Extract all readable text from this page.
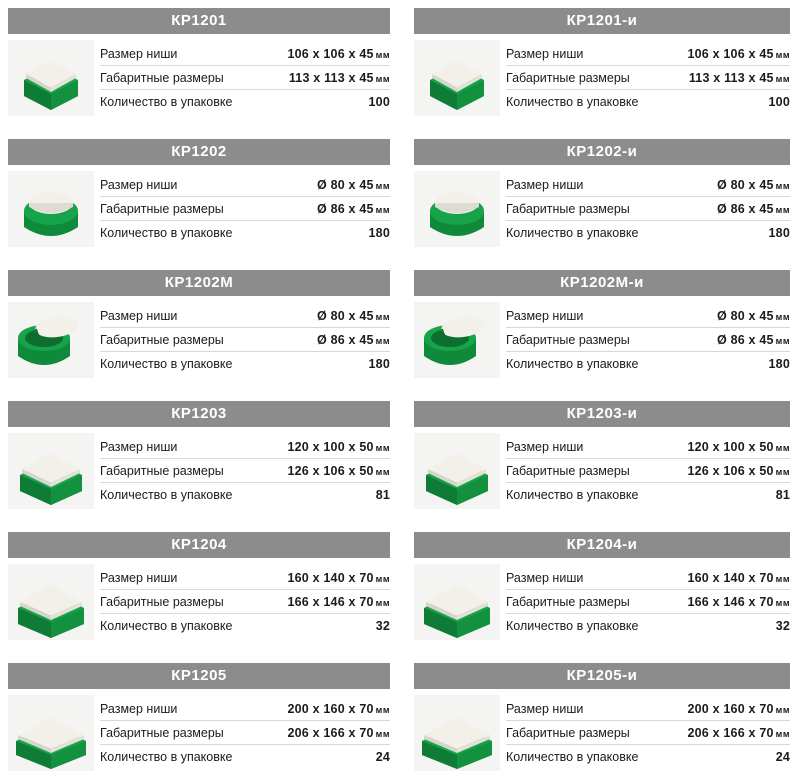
КР1201
Размер ниши	106 x 106 x 45 мм
Габаритные размеры	113 x 113 x 45 мм
Количество в упаковке	100
КР1201-и
Размер ниши	106 x 106 x 45 мм
Габаритные размеры	113 x 113 x 45 мм
Количество в упаковке	100
КР1202
Размер ниши	Ø 80 x 45 мм
Габаритные размеры	Ø 86 x 45 мм
Количество в упаковке	180
КР1202-и
Размер ниши	Ø 80 x 45 мм
Габаритные размеры	Ø 86 x 45 мм
Количество в упаковке	180
КР1202М
Размер ниши	Ø 80 x 45 мм
Габаритные размеры	Ø 86 x 45 мм
Количество в упаковке	180
КР1202М-и
Размер ниши	Ø 80 x 45 мм
Габаритные размеры	Ø 86 x 45 мм
Количество в упаковке	180
КР1203
Размер ниши	120 x 100 x 50 мм
Габаритные размеры	126 x 106 x 50 мм
Количество в упаковке	81
КР1203-и
Размер ниши	120 x 100 x 50 мм
Габаритные размеры	126 x 106 x 50 мм
Количество в упаковке	81
КР1204
Размер ниши	160 x 140 x 70 мм
Габаритные размеры	166 x 146 x 70 мм
Количество в упаковке	32
КР1204-и
Размер ниши	160 x 140 x 70 мм
Габаритные размеры	166 x 146 x 70 мм
Количество в упаковке	32
КР1205
Размер ниши	200 x 160 x 70 мм
Габаритные размеры	206 x 166 x 70 мм
Количество в упаковке	24
КР1205-и
Размер ниши	200 x 160 x 70 мм
Габаритные размеры	206 x 166 x 70 мм
Количество в упаковке	24
